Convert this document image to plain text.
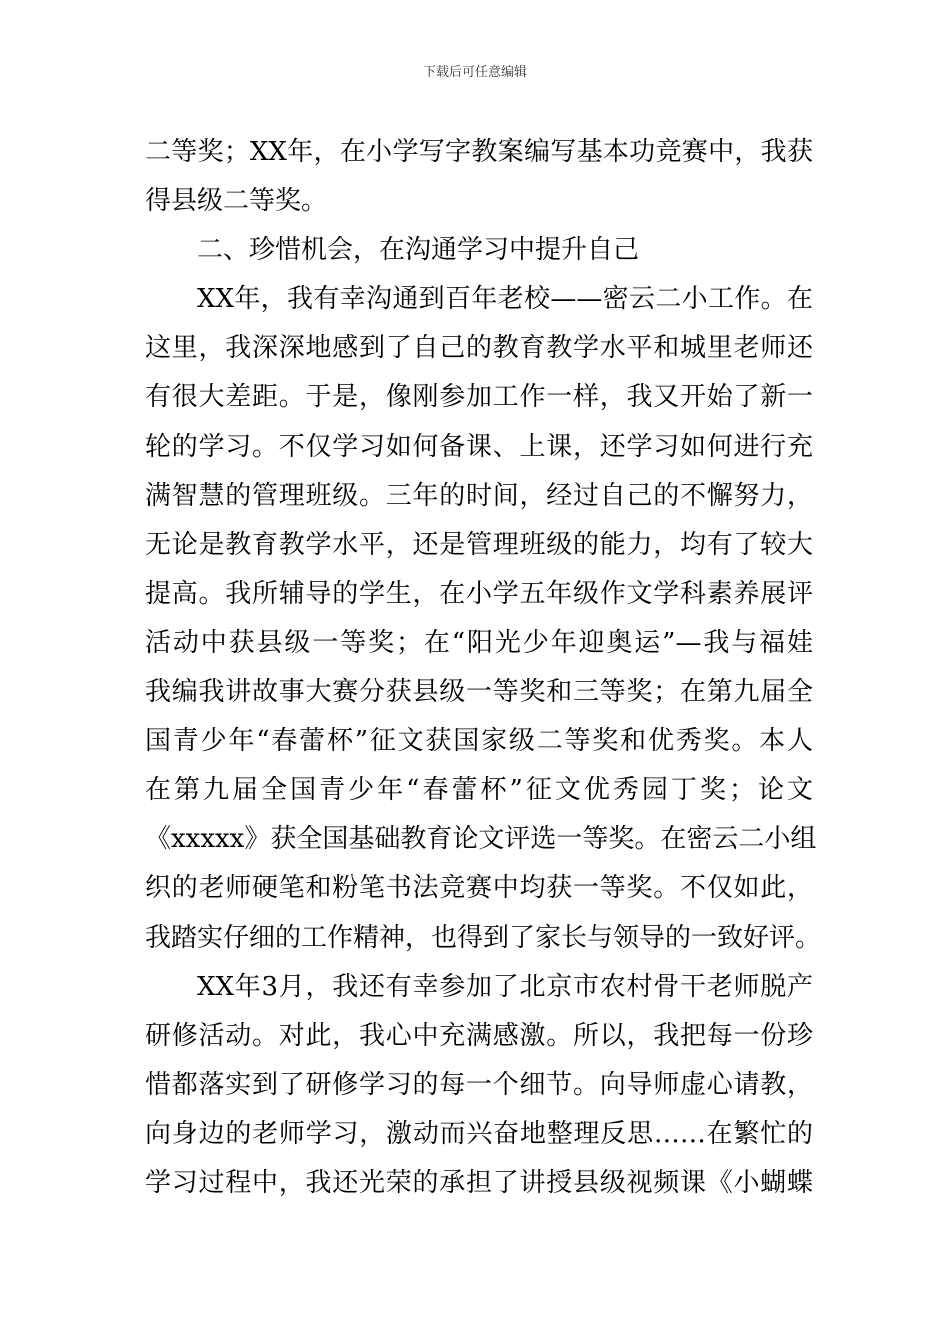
下载后可任意编辑
二等奖；XX年，在小学写字教案编写基本功竞赛中，我获
得县级二等奖。
二、珍惜机会，在沟通学习中提升自己
XX年，我有幸沟通到百年老校——密云二小工作。在
这里，我深深地感到了自己的教育教学水平和城里老师还
有很大差距。于是，像刚参加工作一样，我又开始了新一
轮的学习。不仅学习如何备课、上课，还学习如何进行充
满智慧的管理班级。三年的时间，经过自己的不懈努力，
无论是教育教学水平，还是管理班级的能力，均有了较大
提高。我所辅导的学生，在小学五年级作文学科素养展评
活动中获县级一等奖；在“阳光少年迎奥运”—我与福娃
我编我讲故事大赛分获县级一等奖和三等奖；在第九届全
国青少年“春蕾杯”征文获国家级二等奖和优秀奖。本人
在第九届全国青少年“春蕾杯”征文优秀园丁奖；论文
《xxxxx》获全国基础教育论文评选一等奖。在密云二小组
织的老师硬笔和粉笔书法竞赛中均获一等奖。不仅如此，
我踏实仔细的工作精神，也得到了家长与领导的一致好评。
XX年3月，我还有幸参加了北京市农村骨干老师脱产
研修活动。对此，我心中充满感激。所以，我把每一份珍
惜都落实到了研修学习的每一个细节。向导师虚心请教，
向身边的老师学习，激动而兴奋地整理反思……在繁忙的
学习过程中，我还光荣的承担了讲授县级视频课《小蝴蝶
